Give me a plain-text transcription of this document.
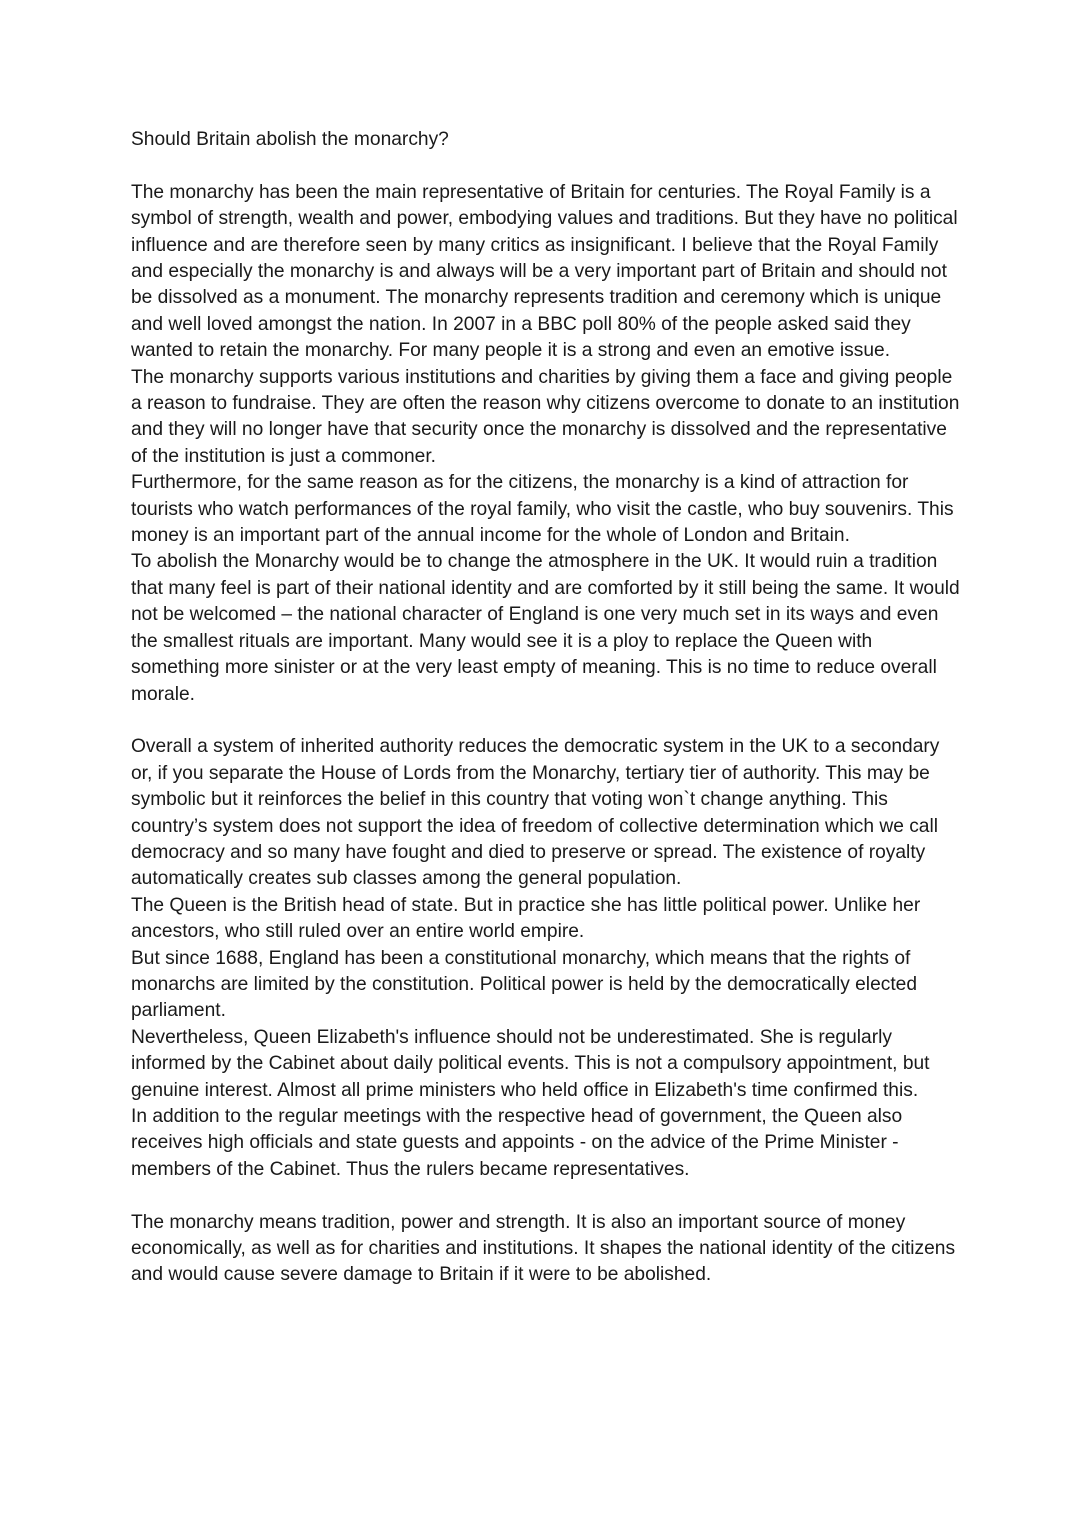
Should Britain abolish the monarchy?

The monarchy has been the main representative of Britain for centuries. The Royal Family is a symbol of strength, wealth and power, embodying values and traditions. But they have no political influence and are therefore seen by many critics as insignificant. I believe that the Royal Family and especially the monarchy is and always will be a very important part of Britain and should not be dissolved as a monument. The monarchy represents tradition and ceremony which is unique and well loved amongst the nation. In 2007 in a BBC poll 80% of the people asked said they wanted to retain the monarchy. For many people it is a strong and even an emotive issue.

The monarchy supports various institutions and charities by giving them a face and giving people a reason to fundraise. They are often the reason why citizens overcome to donate to an institution and they will no longer have that security once the monarchy is dissolved and the representative of the institution is just a commoner.

Furthermore, for the same reason as for the citizens, the monarchy is a kind of attraction for tourists who watch performances of the royal family, who visit the castle, who buy souvenirs. This money is an important part of the annual income for the whole of London and Britain.

To abolish the Monarchy would be to change the atmosphere in the UK. It would ruin a tradition that many feel is part of their national identity and are comforted by it still being the same. It would not be welcomed – the national character of England is one very much set in its ways and even the smallest rituals are important. Many would see it is a ploy to replace the Queen with something more sinister or at the very least empty of meaning. This is no time to reduce overall morale.

Overall a system of inherited authority reduces the democratic system in the UK to a secondary or, if you separate the House of Lords from the Monarchy, tertiary tier of authority. This may be symbolic but it reinforces the belief in this country that voting won`t change anything. This country’s system does not support the idea of freedom of collective determination which we call democracy and so many have fought and died to preserve or spread. The existence of royalty automatically creates sub classes among the general population.

The Queen is the British head of state. But in practice she has little political power. Unlike her ancestors, who still ruled over an entire world empire.

But since 1688, England has been a constitutional monarchy, which means that the rights of monarchs are limited by the constitution. Political power is held by the democratically elected parliament.

Nevertheless, Queen Elizabeth's influence should not be underestimated. She is regularly informed by the Cabinet about daily political events. This is not a compulsory appointment, but genuine interest. Almost all prime ministers who held office in Elizabeth's time confirmed this.

In addition to the regular meetings with the respective head of government, the Queen also receives high officials and state guests and appoints - on the advice of the Prime Minister - members of the Cabinet. Thus the rulers became representatives.

The monarchy means tradition, power and strength. It is also an important source of money economically, as well as for charities and institutions. It shapes the national identity of the citizens and would cause severe damage to Britain if it were to be abolished.
